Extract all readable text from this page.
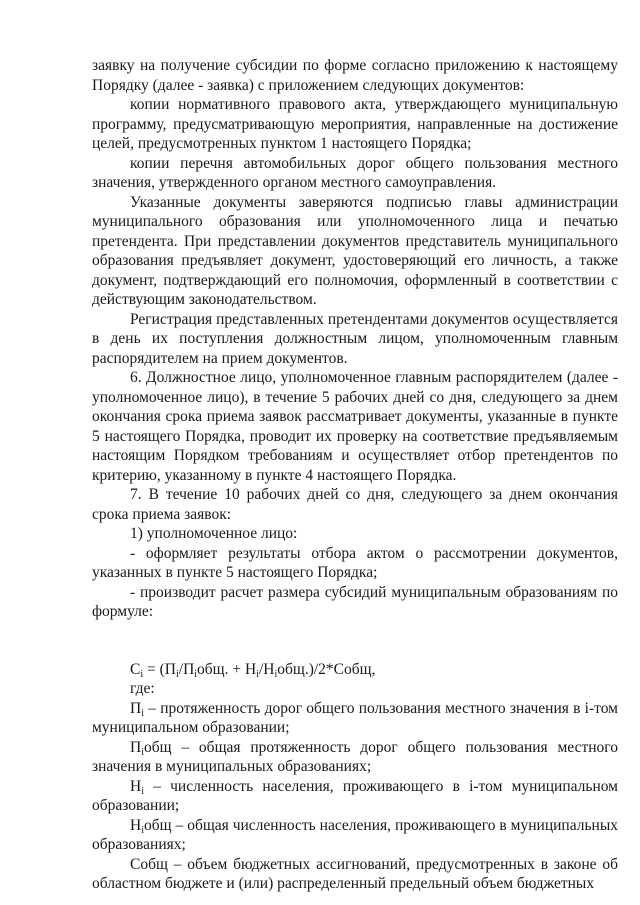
заявку на получение субсидии по форме согласно приложению к настоящему Порядку (далее - заявка) с приложением следующих документов:

копии нормативного правового акта, утверждающего муниципальную программу, предусматривающую мероприятия, направленные на достижение целей, предусмотренных пунктом 1 настоящего Порядка;

копии перечня автомобильных дорог общего пользования местного значения, утвержденного органом местного самоуправления.

Указанные документы заверяются подписью главы администрации муниципального образования или уполномоченного лица и печатью претендента. При представлении документов представитель муниципального образования предъявляет документ, удостоверяющий его личность, а также документ, подтверждающий его полномочия, оформленный в соответствии с действующим законодательством.

Регистрация представленных претендентами документов осуществляется в день их поступления должностным лицом, уполномоченным главным распорядителем на прием документов.

6. Должностное лицо, уполномоченное главным распорядителем (далее - уполномоченное лицо), в течение 5 рабочих дней со дня, следующего за днем окончания срока приема заявок рассматривает документы, указанные в пункте 5 настоящего Порядка, проводит их проверку на соответствие предъявляемым настоящим Порядком требованиям и осуществляет отбор претендентов по критерию, указанному в пункте 4 настоящего Порядка.

7. В течение 10 рабочих дней со дня, следующего за днем окончания срока приема заявок:

1) уполномоченное лицо:

- оформляет результаты отбора актом о рассмотрении документов, указанных в пункте 5 настоящего Порядка;

- производит расчет размера субсидий муниципальным образованиям по формуле:

$C_i = (П_i/П_iобщ$. + $Н_i/Н_iобщ.)/2*Cобщ$,

где:

$П_i$ – протяженность дорог общего пользования местного значения в i-том муниципальном образовании;

$П_iобщ$ – общая протяженность дорог общего пользования местного значения в муниципальных образованиях;

$Н_i$ – численность населения, проживающего в i-том муниципальном образовании;

$Н_iобщ$ – общая численность населения, проживающего в муниципальных образованиях;

Cобщ – объем бюджетных ассигнований, предусмотренных в законе об областном бюджете и (или) распределенный предельный объем бюджетных
